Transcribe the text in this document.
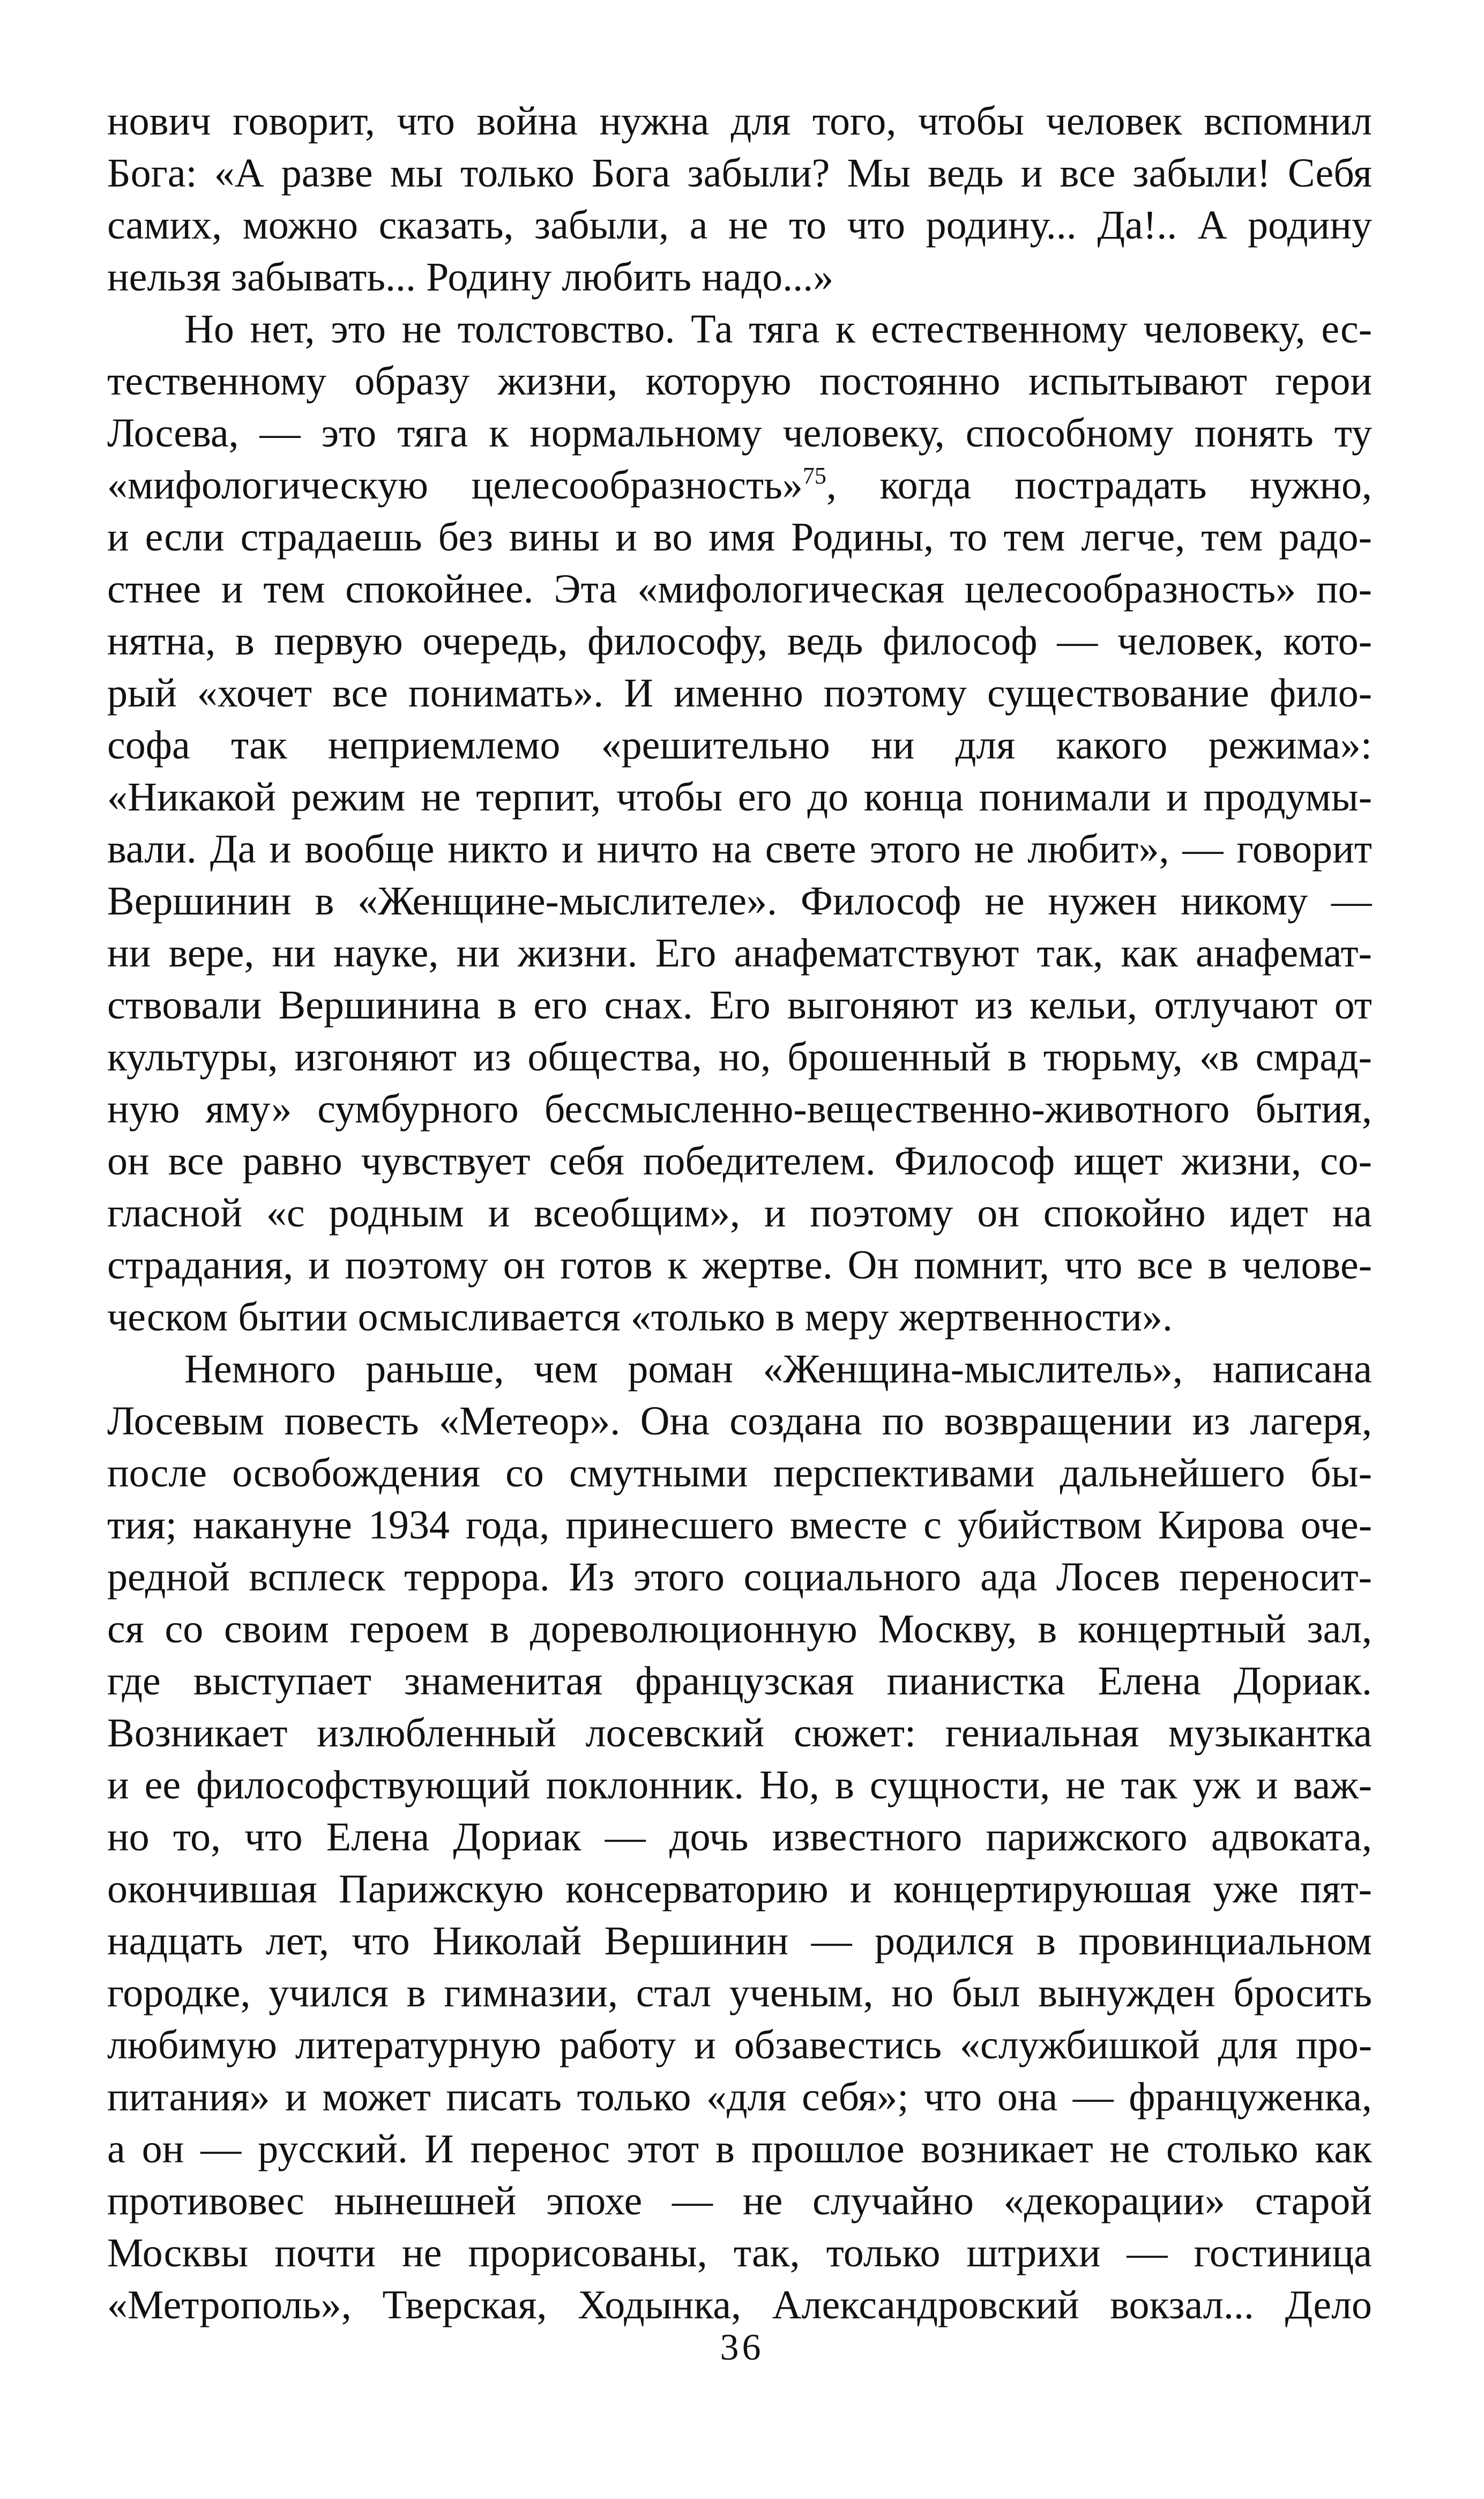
нович говорит, что война нужна для того, чтобы человек вспомнил
Бога: «А разве мы только Бога забыли? Мы ведь и все забыли! Себя
самих, можно сказать, забыли, а не то что родину... Да!.. А родину
нельзя забывать... Родину любить надо...»
Но нет, это не толстовство. Та тяга к естественному человеку, ес-
тественному образу жизни, которую постоянно испытывают герои
Лосева, — это тяга к нормальному человеку, способному понять ту
«мифологическую целесообразность»$^{75}$, когда пострадать нужно,
и если страдаешь без вины и во имя Родины, то тем легче, тем радо-
стнее и тем спокойнее. Эта «мифологическая целесообразность» по-
нятна, в первую очередь, философу, ведь философ — человек, кото-
рый «хочет все понимать». И именно поэтому существование фило-
софа так неприемлемо «решительно ни для какого режима»:
«Никакой режим не терпит, чтобы его до конца понимали и продумы-
вали. Да и вообще никто и ничто на свете этого не любит», — говорит
Вершинин в «Женщине-мыслителе». Философ не нужен никому —
ни вере, ни науке, ни жизни. Его анафематствуют так, как анафемат-
ствовали Вершинина в его снах. Его выгоняют из кельи, отлучают от
культуры, изгоняют из общества, но, брошенный в тюрьму, «в смрад-
ную яму» сумбурного бессмысленно-вещественно-животного бытия,
он все равно чувствует себя победителем. Философ ищет жизни, со-
гласной «с родным и всеобщим», и поэтому он спокойно идет на
страдания, и поэтому он готов к жертве. Он помнит, что все в челове-
ческом бытии осмысливается «только в меру жертвенности».
Немного раньше, чем роман «Женщина-мыслитель», написана
Лосевым повесть «Метеор». Она создана по возвращении из лагеря,
после освобождения со смутными перспективами дальнейшего бы-
тия; накануне 1934 года, принесшего вместе с убийством Кирова оче-
редной всплеск террора. Из этого социального ада Лосев переносит-
ся со своим героем в дореволюционную Москву, в концертный зал,
где выступает знаменитая французская пианистка Елена Дориак.
Возникает излюбленный лосевский сюжет: гениальная музыкантка
и ее философствующий поклонник. Но, в сущности, не так уж и важ-
но то, что Елена Дориак — дочь известного парижского адвоката,
окончившая Парижскую консерваторию и концертируюшая уже пят-
надцать лет, что Николай Вершинин — родился в провинциальном
городке, учился в гимназии, стал ученым, но был вынужден бросить
любимую литературную работу и обзавестись «службишкой для про-
питания» и может писать только «для себя»; что она — француженка,
а он — русский. И перенос этот в прошлое возникает не столько как
противовес нынешней эпохе — не случайно «декорации» старой
Москвы почти не прорисованы, так, только штрихи — гостиница
«Метрополь», Тверская, Ходынка, Александровский вокзал... Дело
36
